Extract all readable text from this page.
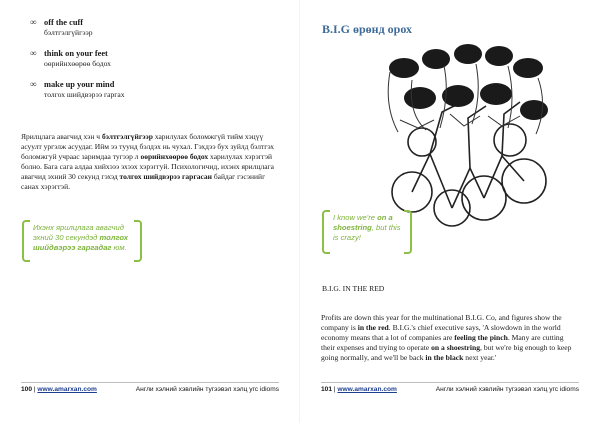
∞ off the cuff
бэлтгэлгүйгээр
∞ think on your feet
оөрийнхөөрөө бодох
∞ make up your mind
толгох шийдвэрээ гаргах

Ярилцлага авагчид хэн ч бэлтгэлгүйгээр харилулах боломжгүй тийм хэцүү асуулт ургэлж асуудаг. Ийм ээ туунд бэлдэх нь чухал. Гэхдээ бух зуйлд бэлтгэх боломжгуй учраас заримдаа тугээр л оөрийнхөөрөө бодох харилулах хэрэггэй болно. Бага сага алдаа хийхэээ эхээх хэрэггуй. Психологичид, ихэнх ярилцлага авагчид эхний 30 секунд гэхэд толгох шийдвэрээ гаргасан байдаг гэсэнийг санах хэрэггэй.

Ихэнх ярилцлага авагчид эхний 30 секундэд толгох шийдвэрээ гаргадаг юм.
100 | www.amarxan.com	Англи хэлний хэвлийн тугээвэл хэлц угс idioms
B.I.G өрөнд орох
I know we're on a shoestring, but this is crazy!
B.I.G. IN THE RED

Profits are down this year for the multinational B.I.G. Co, and figures show the company is in the red. B.I.G.'s chief executive says, 'A slowdown in the world economy means that a lot of companies are feeling the pinch. Many are cutting their expenses and trying to operate on a shoestring, but we're big enough to keep going normally, and we'll be back in the black next year.'

101 | www.amarxan.com	Англи хэлний хэвлийн тугээвэл хэлц угс idioms
